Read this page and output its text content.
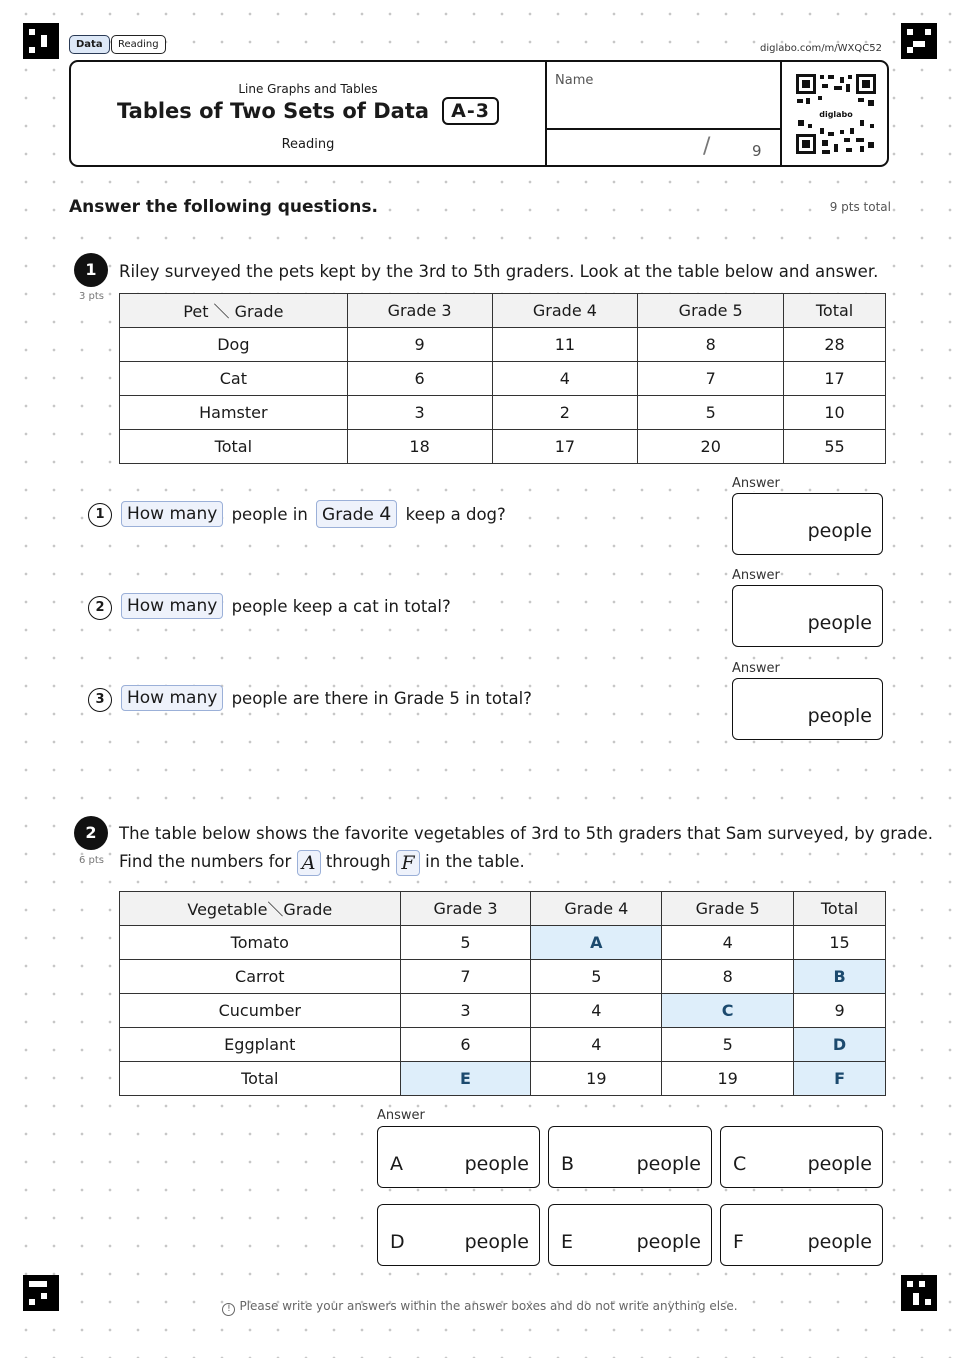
Data	Reading	diglabo.com/m/WXQC52
Line Graphs and Tables
Tables of Two Sets of Data A-3
Reading
Name
/	9
diglabo
Answer the following questions.	9 pts total
1
3 pts
Riley surveyed the pets kept by the 3rd to 5th graders. Look at the table below and answer.
Pet ＼ Grade	Grade 3	Grade 4	Grade 5	Total
Dog	9	11	8	28
Cat	6	4	7	17
Hamster	3	2	5	10
Total	18	17	20	55
1	How many people in Grade 4 keep a dog?
Answer
people
2	How many people keep a cat in total?
Answer
people
3	How many people are there in Grade 5 in total?
Answer
people
2
6 pts
The table below shows the favorite vegetables of 3rd to 5th graders that Sam surveyed, by grade.
Find the numbers for A through F in the table.
Vegetable＼Grade	Grade 3	Grade 4	Grade 5	Total
Tomato	5	A	4	15
Carrot	7	5	8	B
Cucumber	3	4	C	9
Eggplant	6	4	5	D
Total	E	19	19	F
Answer
A	people B	people C	people
D	people E	people F	people
! Please write your answers within the answer boxes and do not write anything else.
